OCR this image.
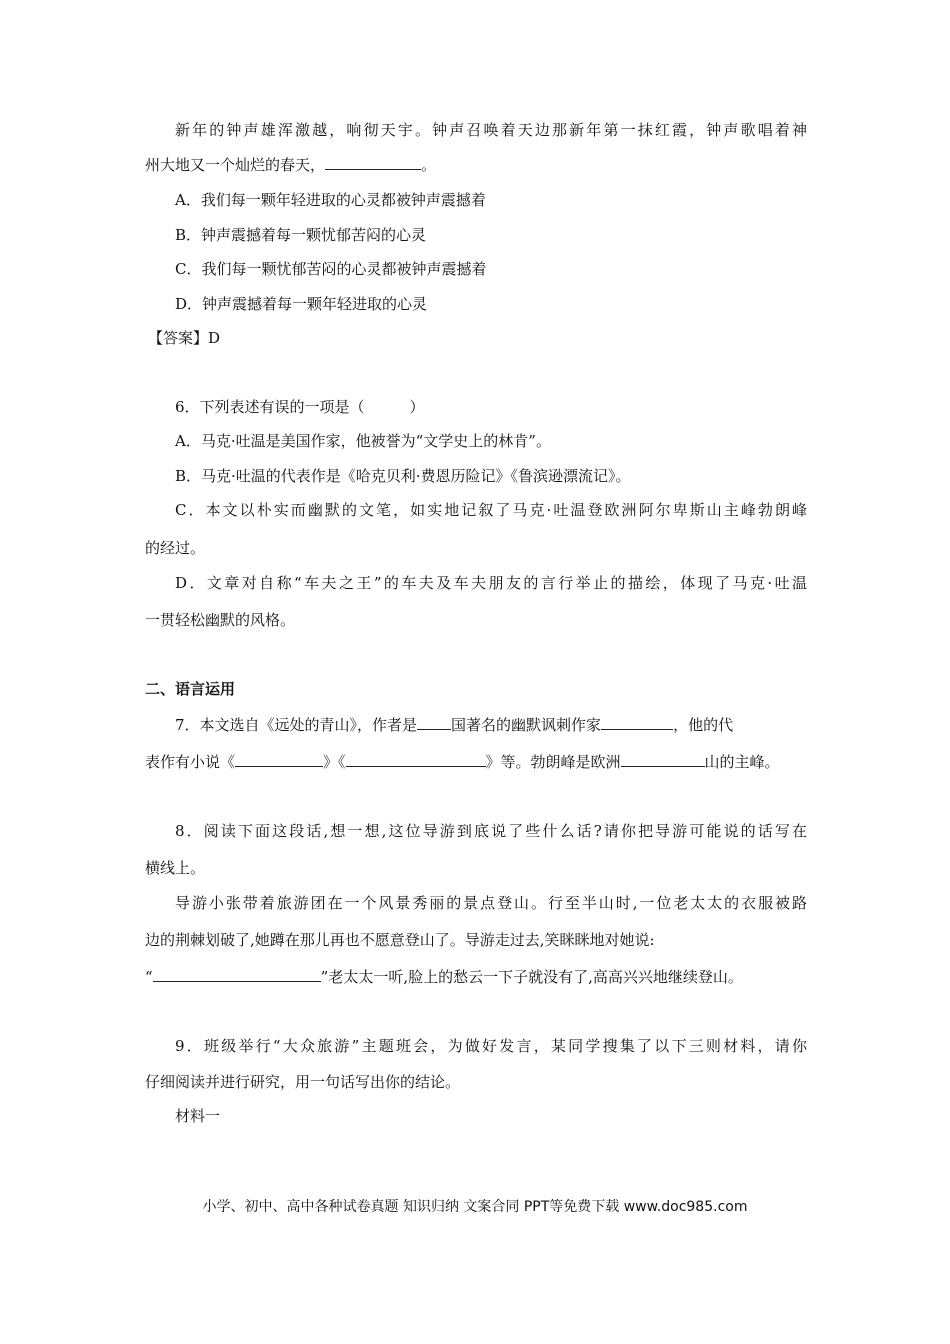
新年的钟声雄浑激越，响彻天宇。钟声召唤着天边那新年第一抹红霞，钟声歌唱着神
州大地又一个灿烂的春天，	。
A．我们每一颗年轻进取的心灵都被钟声震撼着
B．钟声震撼着每一颗忧郁苦闷的心灵
C．我们每一颗忧郁苦闷的心灵都被钟声震撼着
D．钟声震撼着每一颗年轻进取的心灵
【答案】D
6．下列表述有误的一项是（　　　）
A．马克·吐温是美国作家，他被誉为“文学史上的林肯”。
B．马克·吐温的代表作是《哈克贝利·费恩历险记》《鲁滨逊漂流记》。
C．本文以朴实而幽默的文笔，如实地记叙了马克·吐温登欧洲阿尔卑斯山主峰勃朗峰
的经过。
D．文章对自称“车夫之王”的车夫及车夫朋友的言行举止的描绘，体现了马克·吐温
一贯轻松幽默的风格。
二、语言运用
7．本文选自《远处的青山》，作者是 国著名的幽默讽刺作家	，他的代
表作有小说《	》《	》等。勃朗峰是欧洲	山的主峰。
8．阅读下面这段话,想一想,这位导游到底说了些什么话?请你把导游可能说的话写在
横线上。
导游小张带着旅游团在一个风景秀丽的景点登山。行至半山时,一位老太太的衣服被路
边的荆棘划破了,她蹲在那儿再也不愿意登山了。导游走过去,笑眯眯地对她说:
“	”老太太一听,脸上的愁云一下子就没有了,高高兴兴地继续登山。
9．班级举行“大众旅游”主题班会，为做好发言，某同学搜集了以下三则材料，请你
仔细阅读并进行研究，用一句话写出你的结论。
材料一
小学、初中、高中各种试卷真题 知识归纳 文案合同 PPT等免费下载 www.doc985.com
